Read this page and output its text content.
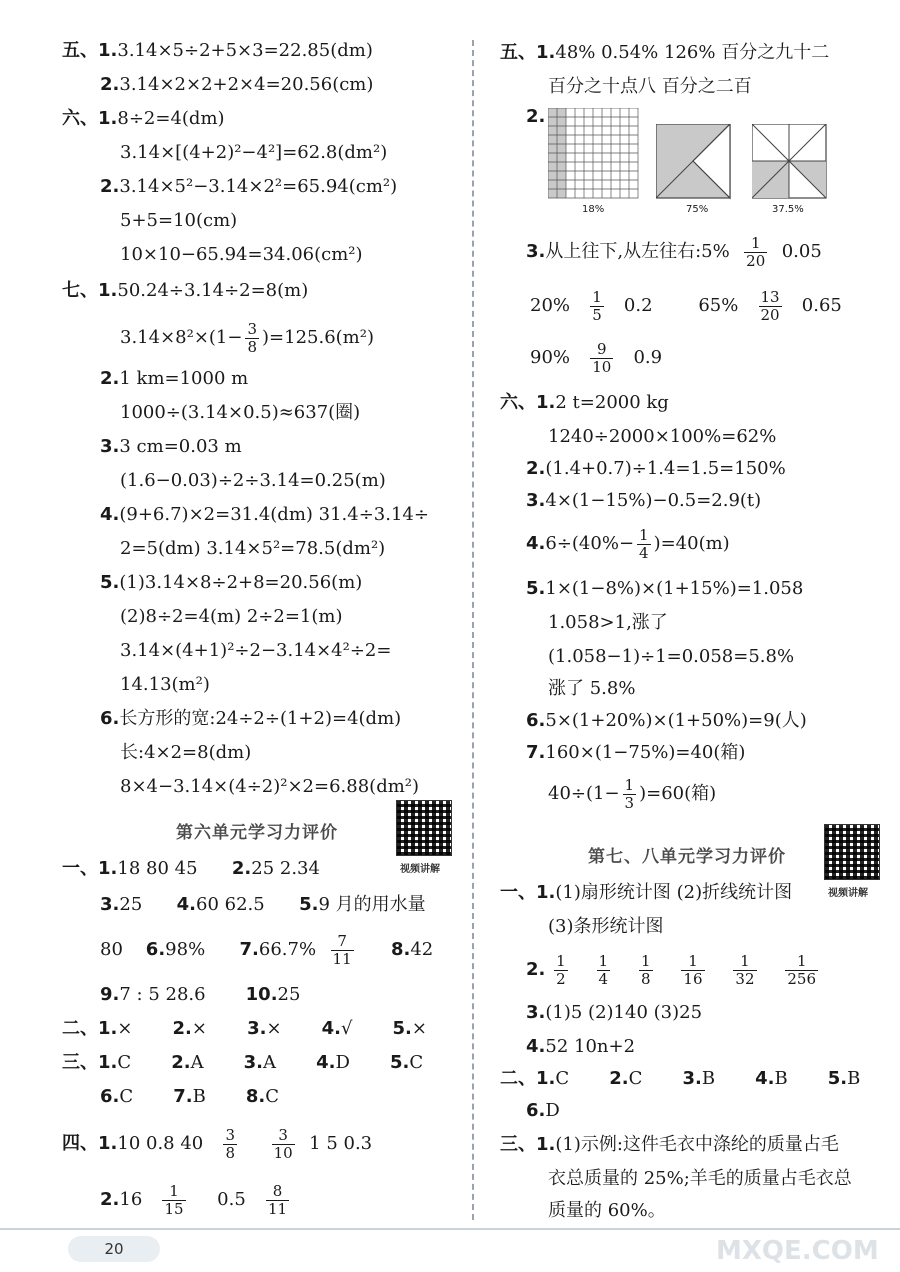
五、1.3.14×5÷2+5×3=22.85(dm)
2.3.14×2×2+2×4=20.56(cm)
六、1.8÷2=4(dm)
3.14×[(4+2)²−4²]=62.8(dm²)
2.3.14×5²−3.14×2²=65.94(cm²)
5+5=10(cm)
10×10−65.94=34.06(cm²)
七、1.50.24÷3.14÷2=8(m)
$3.14\times 8^2\times(1- \frac{3}{8} )=125.6(m^2)$
2.1 km=1000 m
1000÷(3.14×0.5)≈637(圈)
3.3 cm=0.03 m
(1.6−0.03)÷2÷3.14=0.25(m)
4.(9+6.7)×2=31.4(dm) 31.4÷3.14÷
2=5(dm) 3.14×5²=78.5(dm²)
5.(1)3.14×8÷2+8=20.56(m)
(2)8÷2=4(m) 2÷2=1(m)
3.14×(4+1)²÷2−3.14×4²÷2=
14.13(m²)
6.长方形的宽:24÷2÷(1+2)=4(dm)
长:4×2=8(dm)
8×4−3.14×(4÷2)²×2=6.88(dm²)
第六单元学习力评价
视频讲解
一、1.18 80 45 2.25 2.34
3.25 4.60 62.5 5.9 月的用水量
80 6.98% $7.66.7\% \frac{7}{11} 8.42$
9.7 : 5 28.6 10.25
二、1.× 2.× 3.× 4.√ 5.×
三、1.C 2.A 3.A 4.D 5.C
6.C 7.B 8.C
四、1.10 0.8 $40 \frac{3}{8}$
$\frac{3}{10} 1$ 5 0.3
$2.16 \frac{1}{15} 0.5 \frac{8}{11}$
五、1.48% 0.54% 126% 百分之九十二
百分之十点八 百分之二百
2.
18%	75%	37.5%
3.从上往下,从左往右:5% $\frac{1}{20} 0.05$
$20\% \frac{1}{5} 0.2$	$65\% \frac{13}{20} 0.65$
$90\% \frac{9}{10} 0.9$
六、1.2 t=2000 kg
1240÷2000×100%=62%
2.(1.4+0.7)÷1.4=1.5=150%
3.4×(1−15%)−0.5=2.9(t)
$4.6\div(40\%- \frac{1}{4} )=40(m)$
5.1×(1−8%)×(1+15%)=1.058
1.058>1,涨了
(1.058−1)÷1=0.058=5.8%
涨了 5.8%
6.5×(1+20%)×(1+50%)=9(人)
7.160×(1−75%)=40(箱)
$40\div(1- \frac{1}{3} )=60$(箱)
第七、八单元学习力评价
视频讲解
一、1.(1)扇形统计图 (2)折线统计图
(3)条形统计图
2. $\frac{1}{2}$
$\frac{1}{4}$
$\frac{1}{8}$
$\frac{1}{16}$
$\frac{1}{32}$
$\frac{1}{256}$
3.(1)5 (2)140 (3)25
4.52 10n+2
二、1.C 2.C 3.B 4.B 5.B
6.D
三、1.(1)示例:这件毛衣中涤纶的质量占毛
衣总质量的 25%;羊毛的质量占毛衣总
质量的 60%。
20	MXQE.COM
